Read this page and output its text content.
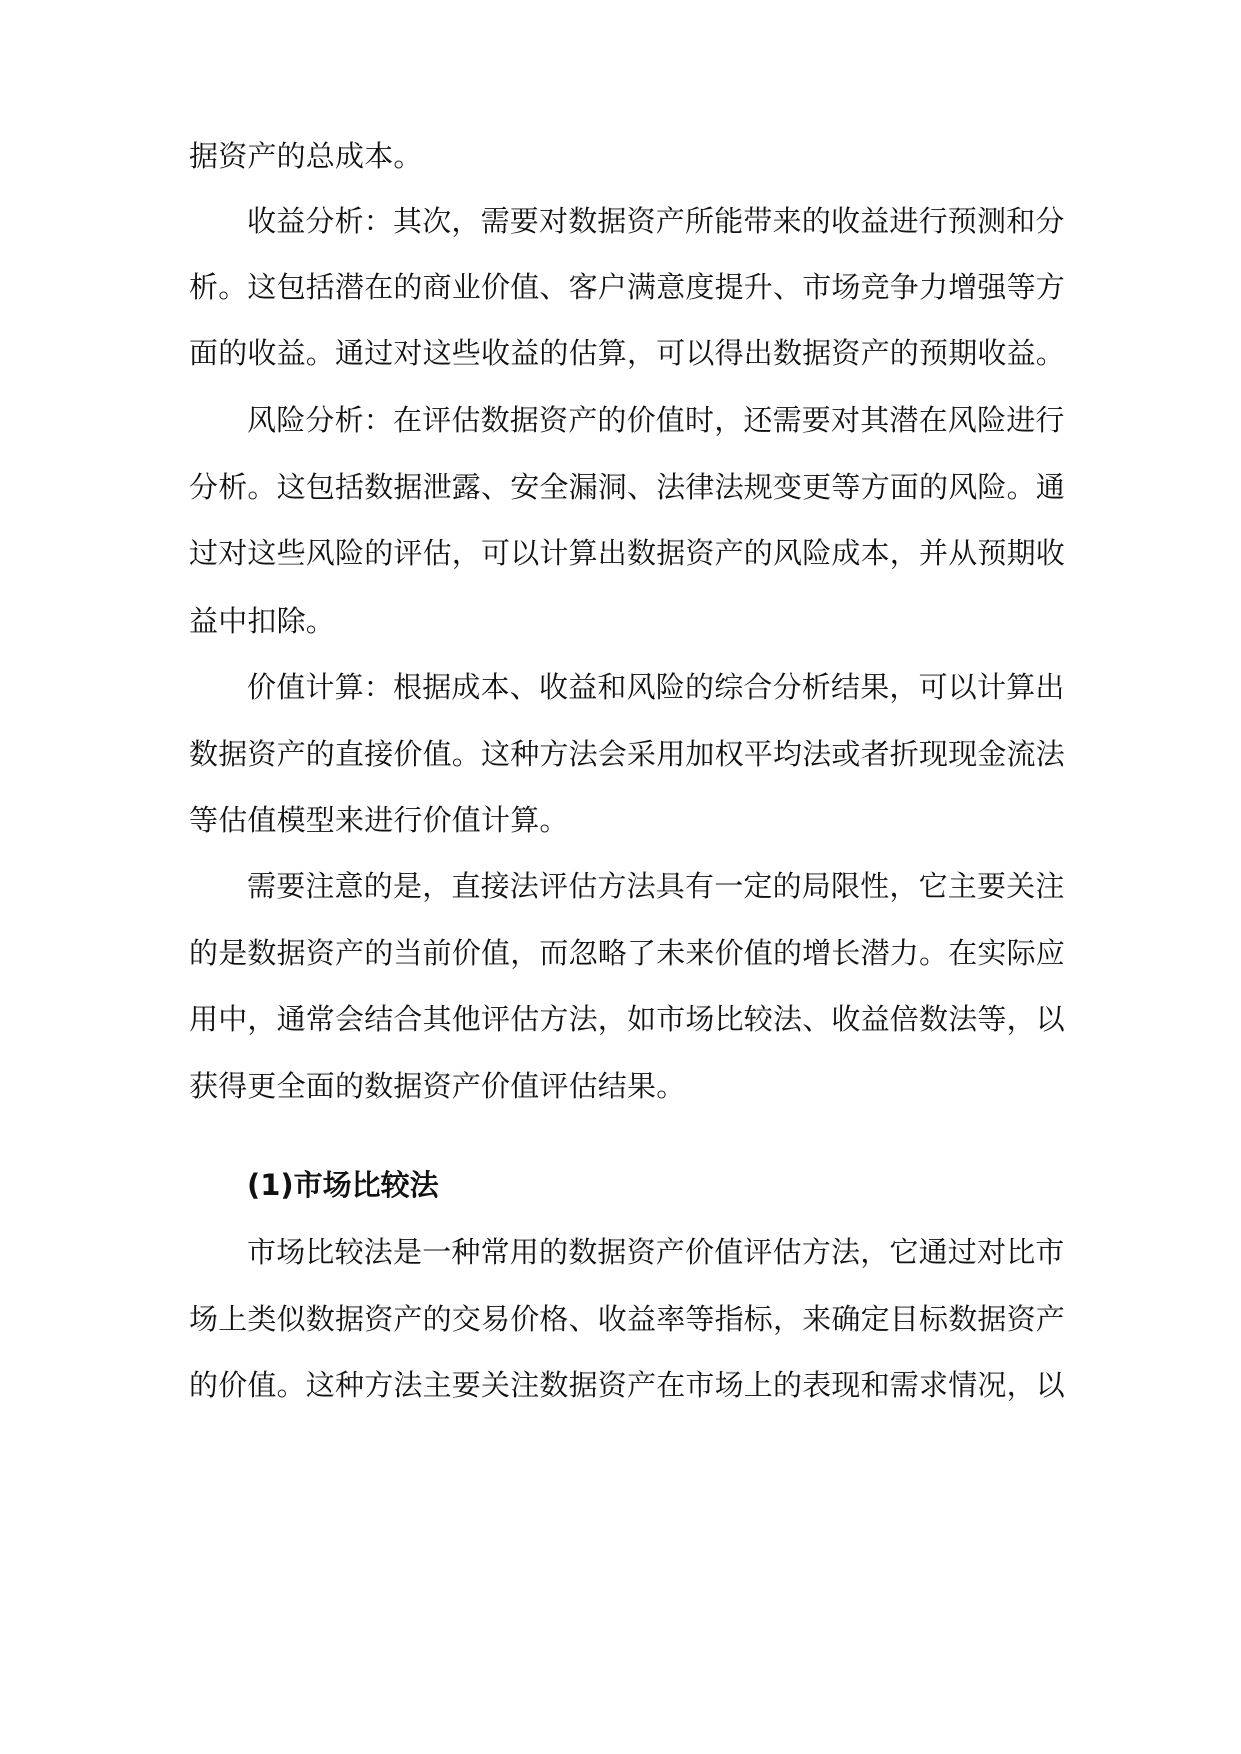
据资产的总成本。
收益分析：其次，需要对数据资产所能带来的收益进行预测和分
析。这包括潜在的商业价值、客户满意度提升、市场竞争力增强等方
面的收益。通过对这些收益的估算，可以得出数据资产的预期收益。
风险分析：在评估数据资产的价值时，还需要对其潜在风险进行
分析。这包括数据泄露、安全漏洞、法律法规变更等方面的风险。通
过对这些风险的评估，可以计算出数据资产的风险成本，并从预期收
益中扣除。
价值计算：根据成本、收益和风险的综合分析结果，可以计算出
数据资产的直接价值。这种方法会采用加权平均法或者折现现金流法
等估值模型来进行价值计算。
需要注意的是，直接法评估方法具有一定的局限性，它主要关注
的是数据资产的当前价值，而忽略了未来价值的增长潜力。在实际应
用中，通常会结合其他评估方法，如市场比较法、收益倍数法等，以
获得更全面的数据资产价值评估结果。
(1)市场比较法
市场比较法是一种常用的数据资产价值评估方法，它通过对比市
场上类似数据资产的交易价格、收益率等指标，来确定目标数据资产
的价值。这种方法主要关注数据资产在市场上的表现和需求情况，以
